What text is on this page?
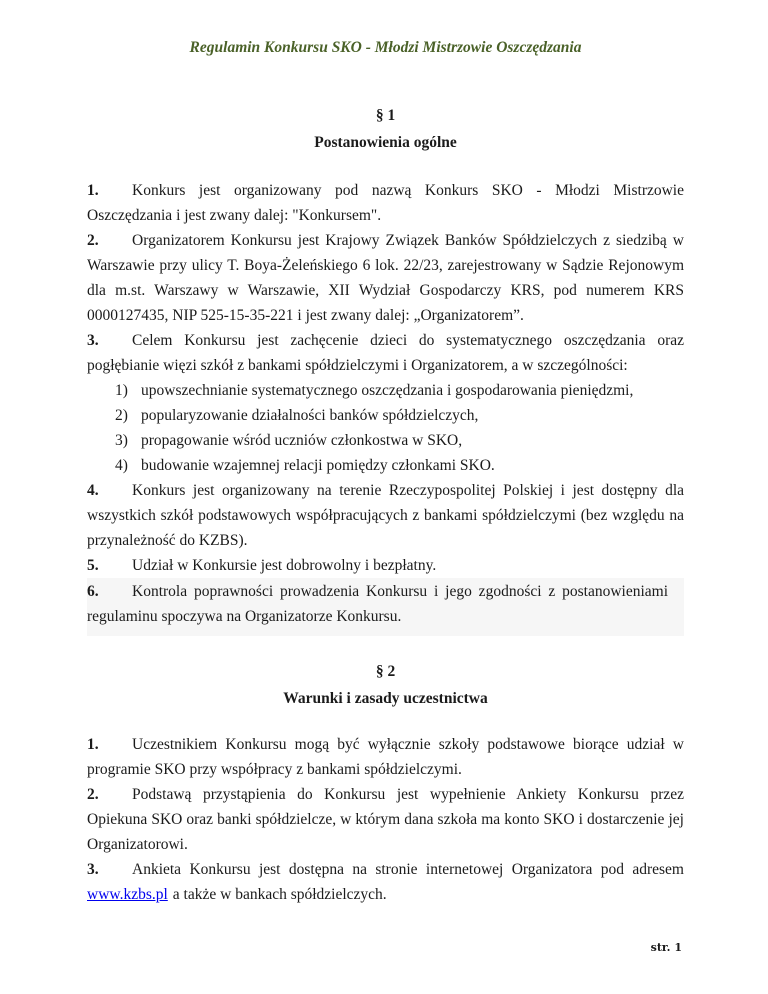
Regulamin Konkursu SKO - Młodzi Mistrzowie Oszczędzania
§ 1
Postanowienia ogólne

1. Konkurs jest organizowany pod nazwą Konkurs SKO - Młodzi Mistrzowie Oszczędzania i jest zwany dalej: "Konkursem".

2. Organizatorem Konkursu jest Krajowy Związek Banków Spółdzielczych z siedzibą w Warszawie przy ulicy T. Boya-Żeleńskiego 6 lok. 22/23, zarejestrowany w Sądzie Rejonowym dla m.st. Warszawy w Warszawie, XII Wydział Gospodarczy KRS, pod numerem KRS 0000127435, NIP 525-15-35-221 i jest zwany dalej: „Organizatorem”.

3. Celem Konkursu jest zachęcenie dzieci do systematycznego oszczędzania oraz pogłębianie więzi szkół z bankami spółdzielczymi i Organizatorem, a w szczególności:

1) upowszechnianie systematycznego oszczędzania i gospodarowania pieniędzmi,

2) popularyzowanie działalności banków spółdzielczych,

3) propagowanie wśród uczniów członkostwa w SKO,

4) budowanie wzajemnej relacji pomiędzy członkami SKO.

4. Konkurs jest organizowany na terenie Rzeczypospolitej Polskiej i jest dostępny dla wszystkich szkół podstawowych współpracujących z bankami spółdzielczymi (bez względu na przynależność do KZBS).

5. Udział w Konkursie jest dobrowolny i bezpłatny.

6. Kontrola poprawności prowadzenia Konkursu i jego zgodności z postanowieniami regulaminu spoczywa na Organizatorze Konkursu.

§ 2
Warunki i zasady uczestnictwa

1. Uczestnikiem Konkursu mogą być wyłącznie szkoły podstawowe biorące udział w programie SKO przy współpracy z bankami spółdzielczymi.

2. Podstawą przystąpienia do Konkursu jest wypełnienie Ankiety Konkursu przez Opiekuna SKO oraz banki spółdzielcze, w którym dana szkoła ma konto SKO i dostarczenie jej Organizatorowi.

3. Ankieta Konkursu jest dostępna na stronie internetowej Organizatora pod adresem www.kzbs.pl a także w bankach spółdzielczych.

str. 1
